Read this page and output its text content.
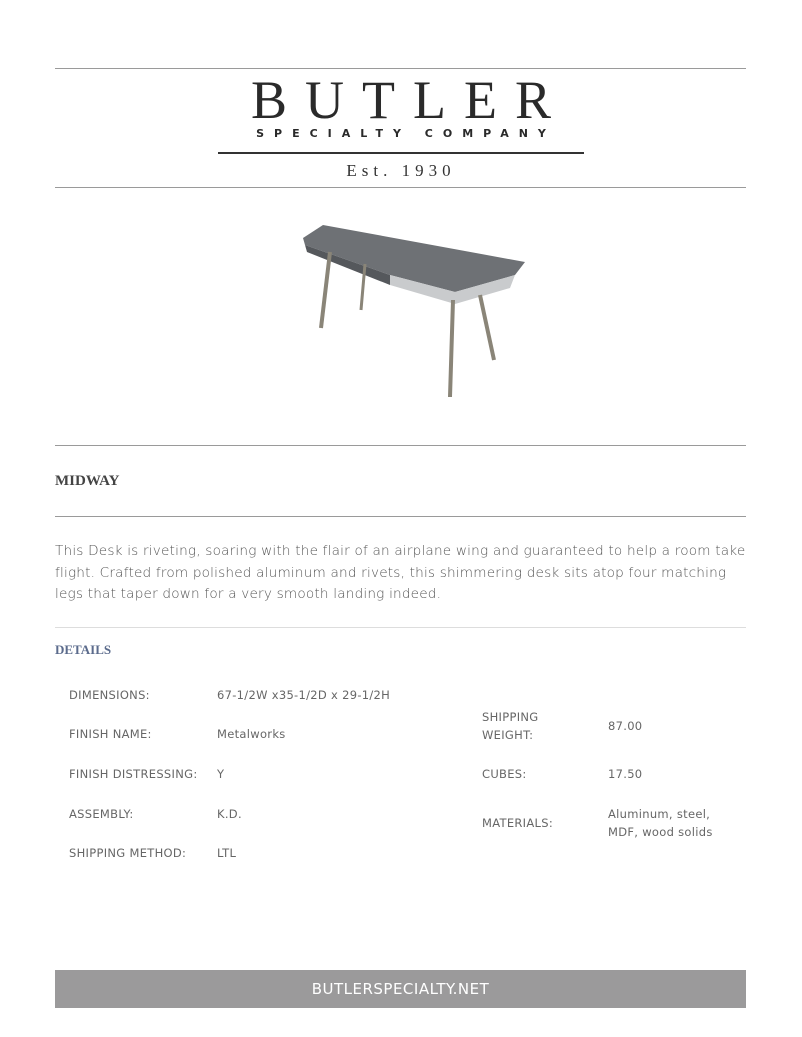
BUTLER
SPECIALTY COMPANY
Est. 1930
MIDWAY
This Desk is riveting, soaring with the flair of an airplane wing and guaranteed to help a room take flight. Crafted from polished aluminum and rivets, this shimmering desk sits atop four matching legs that taper down for a very smooth landing indeed.
DETAILS
DIMENSIONS:	67-1/2W x35-1/2D x 29-1/2H
FINISH NAME:	Metalworks
FINISH DISTRESSING: Y
ASSEMBLY:	K.D.
SHIPPING METHOD:	LTL
SHIPPING WEIGHT:
87.00
CUBES:	17.50
MATERIALS:
Aluminum, steel, MDF, wood solids
BUTLERSPECIALTY.NET
